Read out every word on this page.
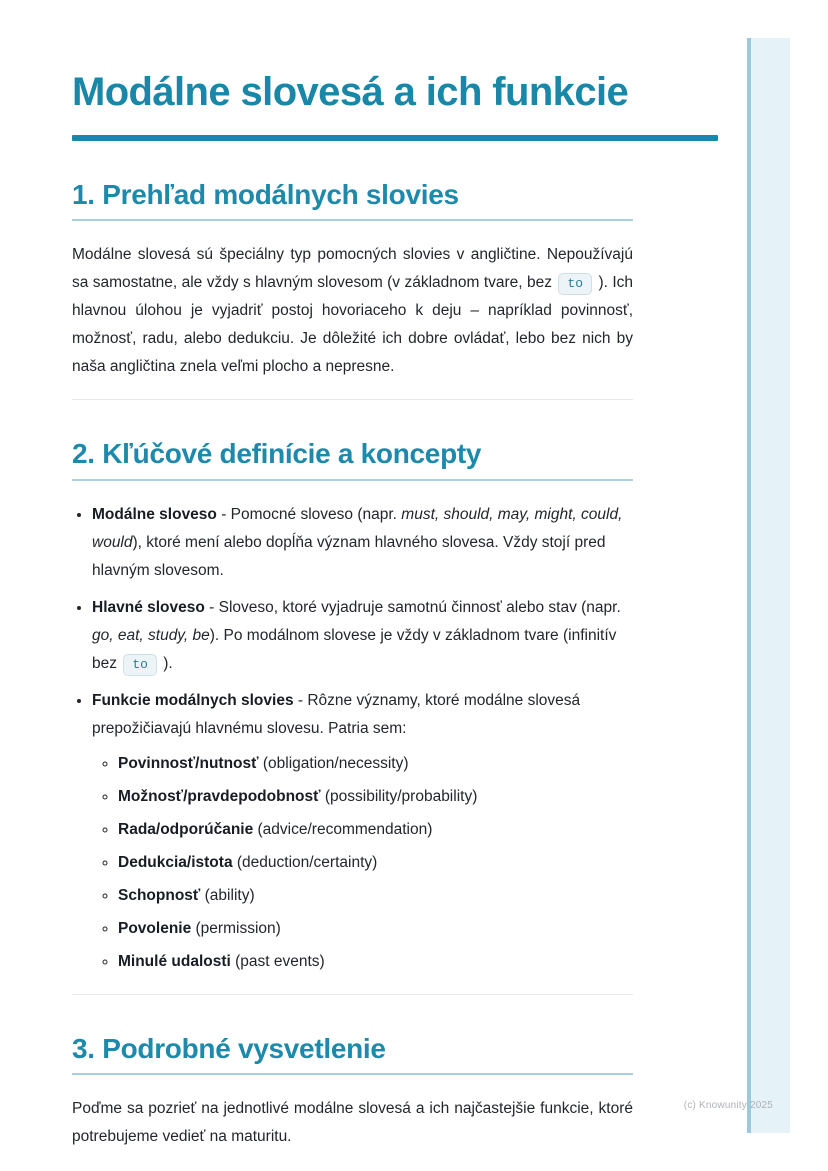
Modálne slovesá a ich funkcie
1. Prehľad modálnych slovies

Modálne slovesá sú špeciálny typ pomocných slovies v angličtine. Nepoužívajú sa samostatne, ale vždy s hlavným slovesom (v základnom tvare, bez to ). Ich hlavnou úlohou je vyjadriť postoj hovoriaceho k deju – napríklad povinnosť, možnosť, radu, alebo dedukciu. Je dôležité ich dobre ovládať, lebo bez nich by naša angličtina znela veľmi plocho a nepresne.

2. Kľúčové definície a koncepty
• Modálne sloveso - Pomocné sloveso (napr. must, should, may, might, could, would), ktoré mení alebo dopĺňa význam hlavného slovesa. Vždy stojí pred hlavným slovesom.
• Hlavné sloveso - Sloveso, ktoré vyjadruje samotnú činnosť alebo stav (napr. go, eat, study, be). Po modálnom slovese je vždy v základnom tvare (infinitív bez to ).
• Funkcie modálnych slovies - Rôzne významy, ktoré modálne slovesá prepožičiavajú hlavnému slovesu. Patria sem:
◦ Povinnosť/nutnosť (obligation/necessity)
◦ Možnosť/pravdepodobnosť (possibility/probability)
◦ Rada/odporúčanie (advice/recommendation)
◦ Dedukcia/istota (deduction/certainty)
◦ Schopnosť (ability)
◦ Povolenie (permission)
◦ Minulé udalosti (past events)
3. Podrobné vysvetlenie

Poďme sa pozrieť na jednotlivé modálne slovesá a ich najčastejšie funkcie, ktoré potrebujeme vedieť na maturitu.

(c) Knowunity 2025
